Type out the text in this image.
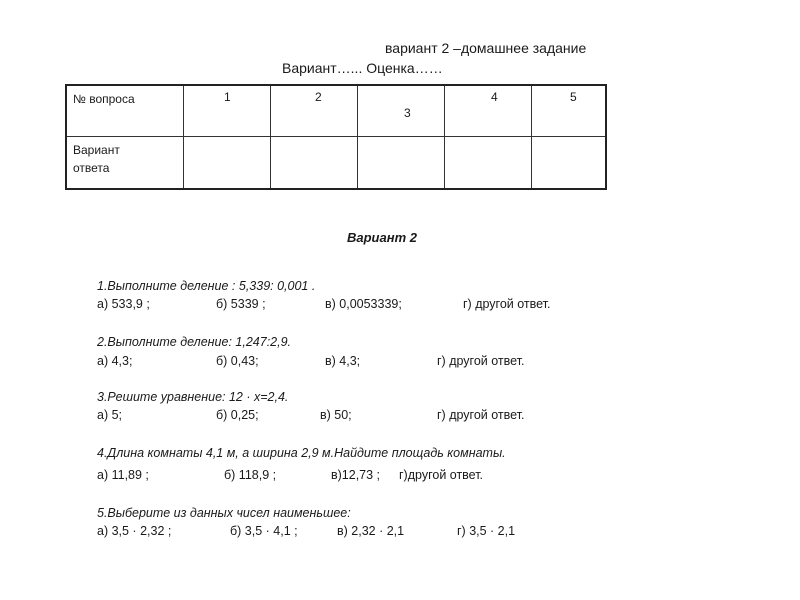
вариант 2 –домашнее задание
Вариант…... Оценка……
№ вопроса	1	2	3	4	5

Вариант
ответа					

Вариант 2
1.Выполните деление : 5,339: 0,001 .
а) 533,9 ;	б) 5339 ;	в) 0,0053339;	г) другой ответ.
2.Выполните деление: 1,247:2,9.
а) 4,3;	б) 0,43;	в) 4,3;	г) другой ответ.
3.Решите уравнение: 12 · x=2,4.
а) 5;	б) 0,25;	в) 50;	г) другой ответ.
4.Длина комнаты 4,1 м, а ширина 2,9 м.Найдите площадь комнаты.
а) 11,89 ;	б) 118,9 ;	в)12,73 ; г)другой ответ.
5.Выберите из данных чисел наименьшее:
а) 3,5 · 2,32 ;	б) 3,5 · 4,1 ;	в) 2,32 · 2,1	г) 3,5 · 2,1
